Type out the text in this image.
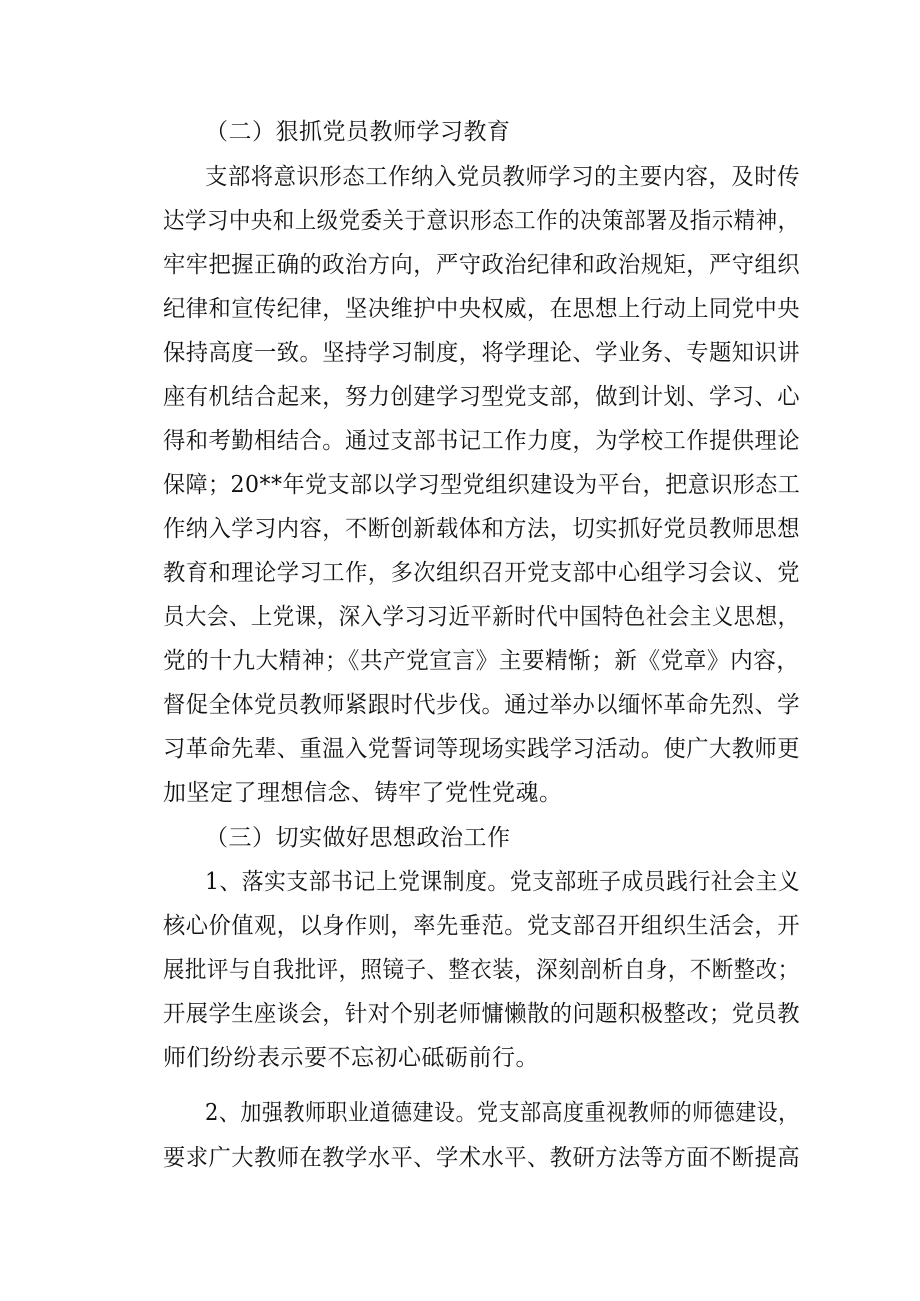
（二）狠抓党员教师学习教育
支部将意识形态工作纳入党员教师学习的主要内容，及时传
达学习中央和上级党委关于意识形态工作的决策部署及指示精神，
牢牢把握正确的政治方向，严守政治纪律和政治规矩，严守组织
纪律和宣传纪律，坚决维护中央权威，在思想上行动上同党中央
保持高度一致。坚持学习制度，将学理论、学业务、专题知识讲
座有机结合起来，努力创建学习型党支部，做到计划、学习、心
得和考勤相结合。通过支部书记工作力度，为学校工作提供理论
保障；20**年党支部以学习型党组织建设为平台，把意识形态工
作纳入学习内容，不断创新载体和方法，切实抓好党员教师思想
教育和理论学习工作，多次组织召开党支部中心组学习会议、党
员大会、上党课，深入学习习近平新时代中国特色社会主义思想，
党的十九大精神；《共产党宣言》主要精惭；新《党章》内容，
督促全体党员教师紧跟时代步伐。通过举办以缅怀革命先烈、学
习革命先辈、重温入党誓词等现场实践学习活动。使广大教师更
加坚定了理想信念、铸牢了党性党魂。
（三）切实做好思想政治工作
1、落实支部书记上党课制度。党支部班子成员践行社会主义
核心价值观，以身作则，率先垂范。党支部召开组织生活会，开
展批评与自我批评，照镜子、整衣装，深刻剖析自身，不断整改；
开展学生座谈会，针对个别老师慵懒散的问题积极整改；党员教
师们纷纷表示要不忘初心砥砺前行。
2、加强教师职业道德建设。党支部高度重视教师的师德建设，
要求广大教师在教学水平、学术水平、教研方法等方面不断提高
